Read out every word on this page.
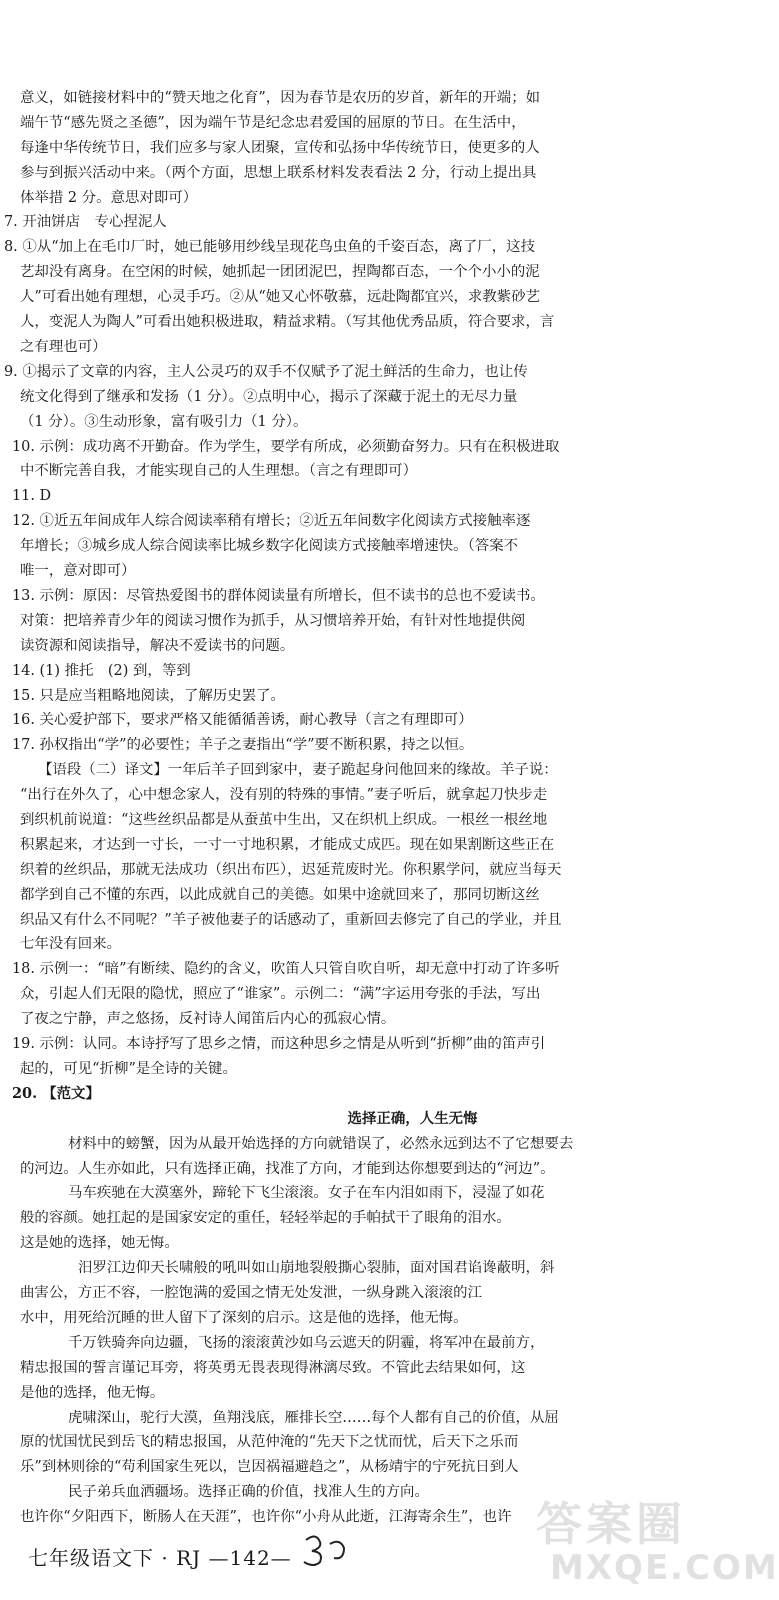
意义，如链接材料中的“赞天地之化育”，因为春节是农历的岁首，新年的开端；如

端午节“感先贤之圣德”，因为端午节是纪念忠君爱国的屈原的节日。在生活中，

每逢中华传统节日，我们应多与家人团聚，宣传和弘扬中华传统节日，使更多的人

参与到振兴活动中来。（两个方面，思想上联系材料发表看法 2 分，行动上提出具

体举措 2 分。意思对即可）

7. 开油饼店　专心捏泥人

8. ①从“加上在毛巾厂时，她已能够用纱线呈现花鸟虫鱼的千姿百态，离了厂，这技

艺却没有离身。在空闲的时候，她抓起一团团泥巴，捏陶都百态，一个个小小的泥

人”可看出她有理想，心灵手巧。②从“她又心怀敬慕，远赴陶都宜兴，求教紫砂艺

人，变泥人为陶人”可看出她积极进取，精益求精。（写其他优秀品质，符合要求，言

之有理也可）

9. ①揭示了文章的内容，主人公灵巧的双手不仅赋予了泥土鲜活的生命力，也让传

统文化得到了继承和发扬（1 分）。②点明中心，揭示了深藏于泥土的无尽力量

（1 分）。③生动形象，富有吸引力（1 分）。

10. 示例：成功离不开勤奋。作为学生，要学有所成，必须勤奋努力。只有在积极进取

中不断完善自我，才能实现自己的人生理想。（言之有理即可）

11. D

12. ①近五年间成年人综合阅读率稍有增长；②近五年间数字化阅读方式接触率逐

年增长；③城乡成人综合阅读率比城乡数字化阅读方式接触率增速快。（答案不

唯一，意对即可）

13. 示例：原因：尽管热爱图书的群体阅读量有所增长，但不读书的总也不爱读书。

对策：把培养青少年的阅读习惯作为抓手，从习惯培养开始，有针对性地提供阅

读资源和阅读指导，解决不爱读书的问题。

14. (1) 推托　(2) 到，等到

15. 只是应当粗略地阅读，了解历史罢了。

16. 关心爱护部下，要求严格又能循循善诱，耐心教导（言之有理即可）

17. 孙权指出“学”的必要性；羊子之妻指出“学”要不断积累，持之以恒。

【语段（二）译文】一年后羊子回到家中，妻子跪起身问他回来的缘故。羊子说：

“出行在外久了，心中想念家人，没有别的特殊的事情。”妻子听后，就拿起刀快步走

到织机前说道：“这些丝织品都是从蚕茧中生出，又在织机上织成。一根丝一根丝地

积累起来，才达到一寸长，一寸一寸地积累，才能成丈成匹。现在如果割断这些正在

织着的丝织品，那就无法成功（织出布匹），迟延荒废时光。你积累学问，就应当每天

都学到自己不懂的东西，以此成就自己的美德。如果中途就回来了，那同切断这丝

织品又有什么不同呢？”羊子被他妻子的话感动了，重新回去修完了自己的学业，并且

七年没有回来。

18. 示例一：“暗”有断续、隐约的含义，吹笛人只管自吹自听，却无意中打动了许多听

众，引起人们无限的隐忧，照应了“谁家”。示例二：“满”字运用夸张的手法，写出

了夜之宁静，声之悠扬，反衬诗人闻笛后内心的孤寂心情。

19. 示例：认同。本诗抒写了思乡之情，而这种思乡之情是从听到“折柳”曲的笛声引

起的，可见“折柳”是全诗的关键。

20. 【范文】

选择正确，人生无悔

材料中的螃蟹，因为从最开始选择的方向就错误了，必然永远到达不了它想要去

的河边。人生亦如此，只有选择正确，找准了方向，才能到达你想要到达的“河边”。

马车疾驰在大漠塞外，蹄轮下飞尘滚滚。女子在车内泪如雨下，浸湿了如花

般的容颜。她扛起的是国家安定的重任，轻轻举起的手帕拭干了眼角的泪水。

这是她的选择，她无悔。

汨罗江边仰天长啸般的吼叫如山崩地裂般撕心裂肺，面对国君谄谗蔽明，斜

曲害公，方正不容，一腔饱满的爱国之情无处发泄，一纵身跳入滚滚的江

水中，用死给沉睡的世人留下了深刻的启示。这是他的选择，他无悔。

千万铁骑奔向边疆，飞扬的滚滚黄沙如乌云遮天的阴霾，将军冲在最前方，

精忠报国的誓言谨记耳旁，将英勇无畏表现得淋漓尽致。不管此去结果如何，这

是他的选择，他无悔。

虎啸深山，驼行大漠，鱼翔浅底，雁排长空……每个人都有自己的价值，从屈

原的忧国忧民到岳飞的精忠报国，从范仲淹的“先天下之忧而忧，后天下之乐而

乐”到林则徐的“苟利国家生死以，岂因祸福避趋之”，从杨靖宇的宁死抗日到人

民子弟兵血洒疆场。选择正确的价值，找准人生的方向。

也许你“夕阳西下，断肠人在天涯”，也许你“小舟从此逝，江海寄余生”，也许

七年级语文下 · RJ —142—
答案圈
MXQE.COM
